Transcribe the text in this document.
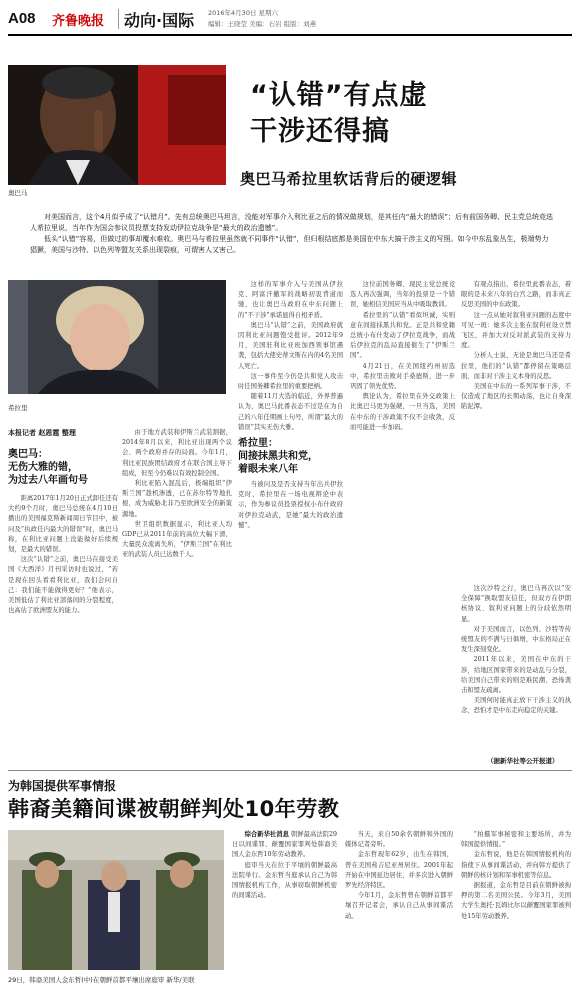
A08 齐鲁晚报 动向·国际 2016年4月30日 星期六
编辑：王晓莹 美编：石岩 组版：刘燕
奥巴马
“认错”有点虚
干涉还得搞
奥巴马希拉里软话背后的硬逻辑

对美国而言，这个4月似乎成了“认错月”。先有总统奥巴马坦言，没能对军事介入利比亚之后的情况做规划，是其任内“最大的错误”；后有前国务卿、民主党总统竞选人希拉里说，当年作为国会参议员投票支持发动伊拉克战争是“最大的政治遗憾”。

低头“认错”容易，但做过的事却覆水难收。奥巴马与希拉里虽然就不同事件“认错”，但归根结底都是美国在中东大搞干涉主义的写照。如今中东乱象丛生，极端势力猖獗，美国与沙特、以色列等盟友关系出现裂痕，可谓害人又害己。

希拉里
本报记者 赵恩霆 整理
奥巴马：
无伤大雅的错，
为过去八年画句号

距离2017年1月20日正式卸任还有大约9个月时，奥巴马总统在4月10日播出的美国福克斯新闻周日节目中，被问及“执政任内最大的错误”时，奥巴马称，在利比亚问题上没能做好后续规划，是最大的错误。

这次“认错”之前，奥巴马在接受美国《大西洋》月刊采访时也说过，“若是现在回头看看利比亚，我们会问自己：我们能不能做得更好？”他表示，美国低估了利比亚部落间的分裂程度，也高估了欧洲盟友的能力。

由于地方武装和伊斯兰武装割据，2014年8月以来，利比亚出现两个议会、两个政府并存的局面。今年1月，利比亚民族团结政府才在联合国主导下组成，但至今仍难以有效控制全国。

利比亚陷入混乱后，极端组织“伊斯兰国”趁机渗透，已在苏尔特等地扎根，成为威胁北非乃至欧洲安全的新策源地。

世卫组织数据显示，利比亚人均GDP已从2011年前的高位大幅下滑，大量民众流离失所，“伊斯兰国”在利比亚的武装人员已达数千人。

这样的军事介入与美国从伊拉克、阿富汗撤军的战略初衷背道而驰，也让奥巴马政府在中东问题上的“不干涉”承诺显得自相矛盾。

奥巴马“认错”之前，美国政府就因利比亚问题饱受批评。2012年9月，美国驻利比亚班加西领事馆遇袭，包括大使史蒂文斯在内的4名美国人死亡。

这一事件至今仍是共和党人攻击时任国务卿希拉里的重要把柄。

随着11月大选的临近，外界普遍认为，奥巴马此番表态不过是在为自己的八年任期画上句号，所谓“最大的错误”其实无伤大雅。

希拉里：
间接抹黑共和党，
着眼未来八年

当被问及是否支持当年出兵伊拉克时，希拉里在一场电视辩论中表示，作为参议员投票授权小布什政府对伊拉克动武，是她“最大的政治遗憾”。

这位前国务卿、现民主党总统竞选人再次强调，当年的投票是一个错误，她相信美国应当从中吸取教训。

希拉里的“认错”看似坦诚，实则意在间接抹黑共和党。正是共和党籍总统小布什发动了伊拉克战争，而战后伊拉克的乱局直接催生了“伊斯兰国”。

4月21日，在美国纽约州初选中，希拉里击败对手桑德斯，进一步巩固了领先优势。

舆论认为，希拉里在外交政策上比奥巴马更为强硬，一旦当选，美国在中东的干涉政策不仅不会收敛，反而可能进一步加码。

有观点指出，希拉里此番表态，着眼的是未来八年的白宫之路，而非真正反思美国的中东政策。

这一点从她对叙利亚问题的态度中可见一斑：她多次主张在叙利亚设立禁飞区，并加大对反对派武装的支持力度。

分析人士说，无论是奥巴马还是希拉里，他们的“认错”都停留在策略层面，而非对干涉主义本身的反思。

美国在中东的一系列军事干涉，不仅造成了地区的长期动荡，也让自身深陷泥潭。

这次沙特之行，奥巴马再次以“安全保障”换取盟友信任，但双方在伊朗核协议、叙利亚问题上的分歧依然明显。

对于美国而言，以色列、沙特等传统盟友的不满与日俱增，中东格局正在发生深刻变化。

2011年以来，美国在中东的干涉，给地区国家带来的是动乱与分裂，给美国自己带来的则是难民潮、恐怖袭击和盟友疏离。

美国何时能真正放下干涉主义的执念，恐怕才是中东走向稳定的关键。

（据新华社等公开报道）
为韩国提供军事情报
韩裔美籍间谍被朝鲜判处10年劳教
29日，韩裔美国人金东哲(中)在朝鲜首都平壤出席庭审 新华/美联

综合新华社消息 朝鲜最高法院29日以间谍罪、颠覆国家罪判处韩裔美国人金东哲10年劳动教养。

庭审当天在位于平壤的朝鲜最高法院举行。金东哲当庭承认自己为韩国情报机构工作，从事窃取朝鲜机密的间谍活动。

当天，来自50余名朝鲜和外国的媒体记者旁听。

金东哲现年62岁，出生在韩国，曾在美国弗吉尼亚州居住。2001年起开始在中国延边居住，并多次进入朝鲜罗先经济特区。

今年1月，金东哲曾在朝鲜首都平壤召开记者会，承认自己从事间谍活动。

“拍摄军事秘密和主要场所，并为韩国提供情报。”

金东哲说，他是在韩国情报机构的指使下从事间谍活动，并向韩方提供了朝鲜的核计划和军事机密等信息。

据报道，金东哲是目前在朝鲜被拘押的第二名美国公民。今年3月，美国大学生奥托·瓦姆比尔以颠覆国家罪被判处15年劳动教养。
